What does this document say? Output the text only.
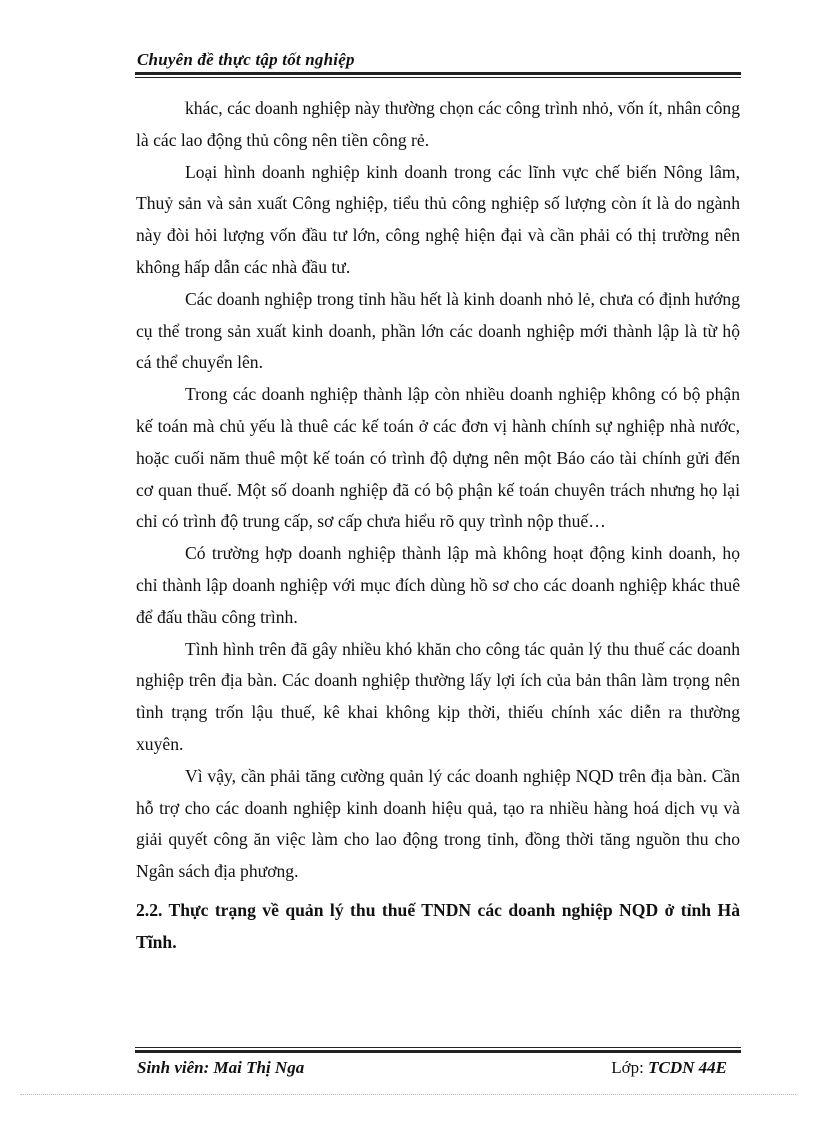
Chuyên đề thực tập tốt nghiệp

khác, các doanh nghiệp này thường chọn các công trình nhỏ, vốn ít, nhân công là các lao động thủ công nên tiền công rẻ.

Loại hình doanh nghiệp kinh doanh trong các lĩnh vực chế biến Nông lâm, Thuỷ sản và sản xuất Công nghiệp, tiểu thủ công nghiệp số lượng còn ít là do ngành này đòi hỏi lượng vốn đầu tư lớn, công nghệ hiện đại và cần phải có thị trường nên không hấp dẫn các nhà đầu tư.

Các doanh nghiệp trong tỉnh hầu hết là kinh doanh nhỏ lẻ, chưa có định hướng cụ thể trong sản xuất kinh doanh, phần lớn các doanh nghiệp mới thành lập là từ hộ cá thể chuyển lên.

Trong các doanh nghiệp thành lập còn nhiều doanh nghiệp không có bộ phận kế toán mà chủ yếu là thuê các kế toán ở các đơn vị hành chính sự nghiệp nhà nước, hoặc cuối năm thuê một kế toán có trình độ dựng nên một Báo cáo tài chính gửi đến cơ quan thuế. Một số doanh nghiệp đã có bộ phận kế toán chuyên trách nhưng họ lại chỉ có trình độ trung cấp, sơ cấp chưa hiểu rõ quy trình nộp thuế…

Có trường hợp doanh nghiệp thành lập mà không hoạt động kinh doanh, họ chỉ thành lập doanh nghiệp với mục đích dùng hồ sơ cho các doanh nghiệp khác thuê để đấu thầu công trình.

Tình hình trên đã gây nhiều khó khăn cho công tác quản lý thu thuế các doanh nghiệp trên địa bàn. Các doanh nghiệp thường lấy lợi ích của bản thân làm trọng nên tình trạng trốn lậu thuế, kê khai không kịp thời, thiếu chính xác diễn ra thường xuyên.

Vì vậy, cần phải tăng cường quản lý các doanh nghiệp NQD trên địa bàn. Cần hỗ trợ cho các doanh nghiệp kinh doanh hiệu quả, tạo ra nhiều hàng hoá dịch vụ và giải quyết công ăn việc làm cho lao động trong tỉnh, đồng thời tăng nguồn thu cho Ngân sách địa phương.

2.2. Thực trạng về quản lý thu thuế TNDN các doanh nghiệp NQD ở tỉnh Hà Tĩnh.

Sinh viên: Mai Thị Nga	Lớp: TCDN 44E
